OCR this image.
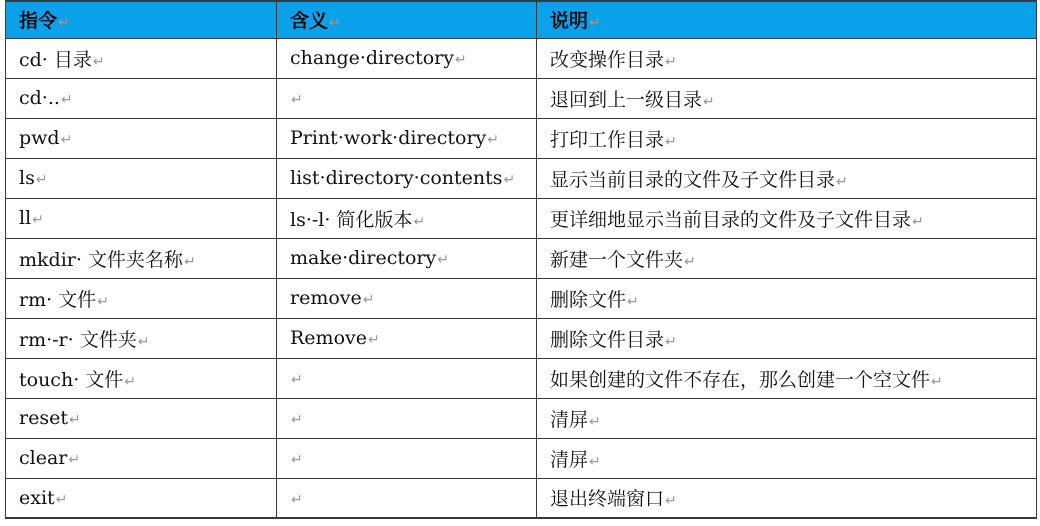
指令↵	含义↵	说明↵
cd· 目录↵	change·directory↵	改变操作目录↵
cd·..↵	↵	退回到上一级目录↵
pwd↵	Print·work·directory↵	打印工作目录↵
ls↵	list·directory·contents↵	显示当前目录的文件及子文件目录↵
ll↵	ls·-l· 简化版本↵	更详细地显示当前目录的文件及子文件目录↵
mkdir· 文件夹名称↵	make·directory↵	新建一个文件夹↵
rm· 文件↵	remove↵	删除文件↵
rm·-r· 文件夹↵	Remove↵	删除文件目录↵
touch· 文件↵	↵	如果创建的文件不存在，那么创建一个空文件↵
reset↵	↵	清屏↵
clear↵	↵	清屏↵
exit↵	↵	退出终端窗口↵
